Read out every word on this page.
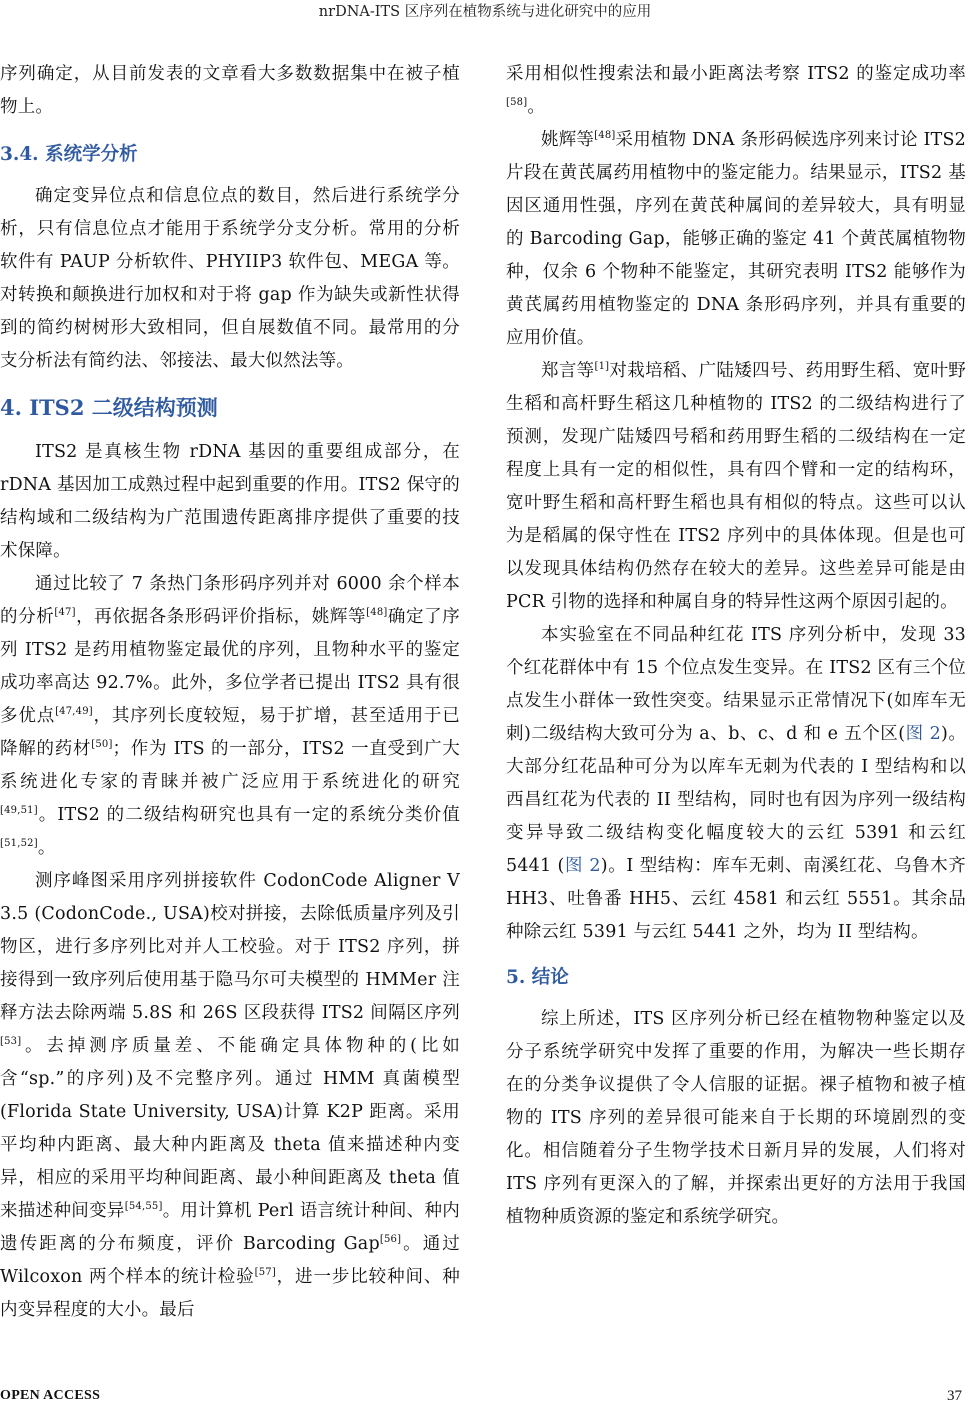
nrDNA-ITS 区序列在植物系统与进化研究中的应用

序列确定，从目前发表的文章看大多数数据集中在被子植物上。

3.4. 系统学分析

确定变异位点和信息位点的数目，然后进行系统学分析，只有信息位点才能用于系统学分支分析。常用的分析软件有 PAUP 分析软件、PHYIIP3 软件包、MEGA 等。对转换和颠换进行加权和对于将 gap 作为缺失或新性状得到的简约树树形大致相同，但自展数值不同。最常用的分支分析法有简约法、邻接法、最大似然法等。

4. ITS2 二级结构预测

ITS2 是真核生物 rDNA 基因的重要组成部分，在 rDNA 基因加工成熟过程中起到重要的作用。ITS2 保守的结构域和二级结构为广范围遗传距离排序提供了重要的技术保障。

通过比较了 7 条热门条形码序列并对 6000 余个样本的分析[47]，再依据各条形码评价指标，姚辉等[48]确定了序列 ITS2 是药用植物鉴定最优的序列，且物种水平的鉴定成功率高达 92.7%。此外，多位学者已提出 ITS2 具有很多优点[47,49]，其序列长度较短，易于扩增，甚至适用于已降解的药材[50]；作为 ITS 的一部分，ITS2 一直受到广大系统进化专家的青睐并被广泛应用于系统进化的研究[49,51]。ITS2 的二级结构研究也具有一定的系统分类价值[51,52]。

测序峰图采用序列拼接软件 CodonCode Aligner V 3.5 (CodonCode., USA)校对拼接，去除低质量序列及引物区，进行多序列比对并人工校验。对于 ITS2 序列，拼接得到一致序列后使用基于隐马尔可夫模型的 HMMer 注释方法去除两端 5.8S 和 26S 区段获得 ITS2 间隔区序列[53]。去掉测序质量差、不能确定具体物种的(比如含“sp.”的序列)及不完整序列。通过 HMM 真菌模型(Florida State University, USA)计算 K2P 距离。采用平均种内距离、最大种内距离及 theta 值来描述种内变异，相应的采用平均种间距离、最小种间距离及 theta 值来描述种间变异[54,55]。用计算机 Perl 语言统计种间、种内遗传距离的分布频度，评价 Barcoding Gap[56]。通过 Wilcoxon 两个样本的统计检验[57]，进一步比较种间、种内变异程度的大小。最后

采用相似性搜索法和最小距离法考察 ITS2 的鉴定成功率[58]。

姚辉等[48]采用植物 DNA 条形码候选序列来讨论 ITS2 片段在黄芪属药用植物中的鉴定能力。结果显示，ITS2 基因区通用性强，序列在黄芪种属间的差异较大，具有明显的 Barcoding Gap，能够正确的鉴定 41 个黄芪属植物物种，仅余 6 个物种不能鉴定，其研究表明 ITS2 能够作为黄芪属药用植物鉴定的 DNA 条形码序列，并具有重要的应用价值。

郑言等[1]对栽培稻、广陆矮四号、药用野生稻、宽叶野生稻和高杆野生稻这几种植物的 ITS2 的二级结构进行了预测，发现广陆矮四号稻和药用野生稻的二级结构在一定程度上具有一定的相似性，具有四个臂和一定的结构环，宽叶野生稻和高杆野生稻也具有相似的特点。这些可以认为是稻属的保守性在 ITS2 序列中的具体体现。但是也可以发现具体结构仍然存在较大的差异。这些差异可能是由 PCR 引物的选择和种属自身的特异性这两个原因引起的。

本实验室在不同品种红花 ITS 序列分析中，发现 33 个红花群体中有 15 个位点发生变异。在 ITS2 区有三个位点发生小群体一致性突变。结果显示正常情况下(如库车无刺)二级结构大致可分为 a、b、c、d 和 e 五个区(图 2)。大部分红花品种可分为以库车无刺为代表的 I 型结构和以西昌红花为代表的 II 型结构，同时也有因为序列一级结构变异导致二级结构变化幅度较大的云红 5391 和云红 5441 (图 2)。I 型结构：库车无刺、南溪红花、乌鲁木齐 HH3、吐鲁番 HH5、云红 4581 和云红 5551。其余品种除云红 5391 与云红 5441 之外，均为 II 型结构。

5. 结论

综上所述，ITS 区序列分析已经在植物物种鉴定以及分子系统学研究中发挥了重要的作用，为解决一些长期存在的分类争议提供了令人信服的证据。裸子植物和被子植物的 ITS 序列的差异很可能来自于长期的环境剧烈的变化。相信随着分子生物学技术日新月异的发展，人们将对 ITS 序列有更深入的了解，并探索出更好的方法用于我国植物种质资源的鉴定和系统学研究。

OPEN ACCESS	37
